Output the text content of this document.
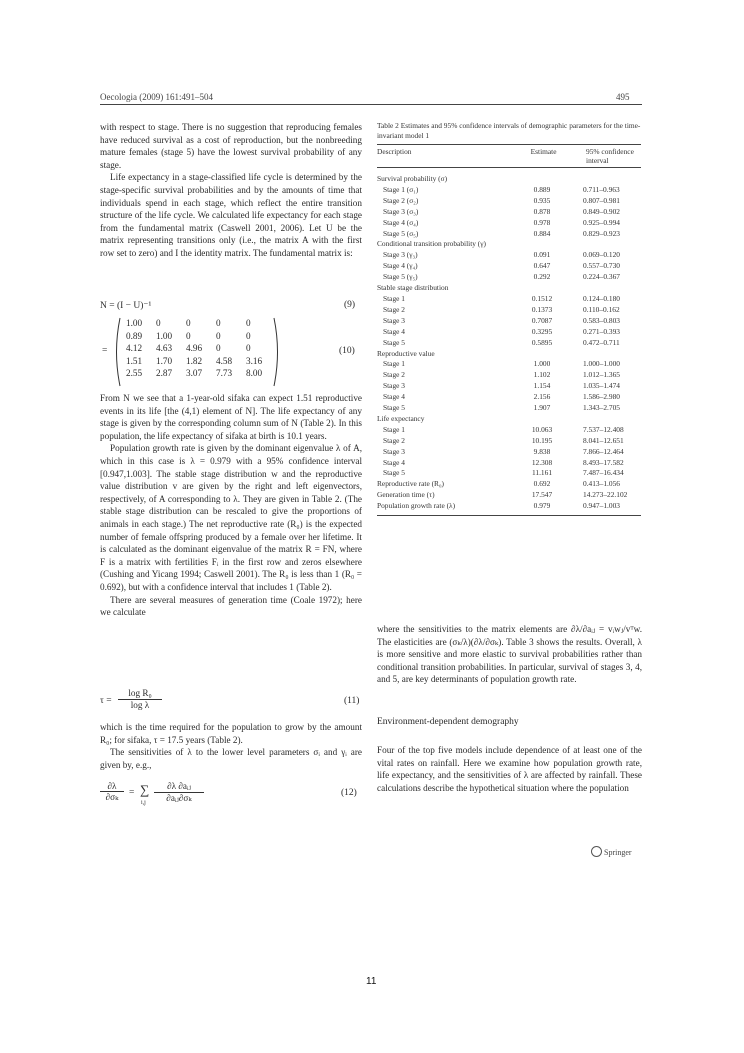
Oecologia (2009) 161:491–504	495

with respect to stage. There is no suggestion that reproducing females have reduced survival as a cost of reproduction, but the nonbreeding mature females (stage 5) have the lowest survival probability of any stage.

Life expectancy in a stage-classified life cycle is determined by the stage-specific survival probabilities and by the amounts of time that individuals spend in each stage, which reflect the entire transition structure of the life cycle. We calculated life expectancy for each stage from the fundamental matrix (Caswell 2001, 2006). Let U be the matrix representing transitions only (i.e., the matrix A with the first row set to zero) and I the identity matrix. The fundamental matrix is:

N = (I − U)⁻¹	(9)
=
1.00	0	0	0	0
0.89	1.00	0	0	0
4.12	4.63	4.96	0	0
1.51	1.70	1.82	4.58	3.16
2.55	2.87	3.07	7.73	8.00
(10)

From N we see that a 1-year-old sifaka can expect 1.51 reproductive events in its life [the (4,1) element of N]. The life expectancy of any stage is given by the corresponding column sum of N (Table 2). In this population, the life expectancy of sifaka at birth is 10.1 years.

Population growth rate is given by the dominant eigenvalue λ of A, which in this case is λ = 0.979 with a 95% confidence interval [0.947,1.003]. The stable stage distribution w and the reproductive value distribution v are given by the right and left eigenvectors, respectively, of A corresponding to λ. They are given in Table 2. (The stable stage distribution can be rescaled to give the proportions of animals in each stage.) The net reproductive rate (R₀) is the expected number of female offspring produced by a female over her lifetime. It is calculated as the dominant eigenvalue of the matrix R = FN, where F is a matrix with fertilities Fᵢ in the first row and zeros elsewhere (Cushing and Yicang 1994; Caswell 2001). The R₀ is less than 1 (R₀ = 0.692), but with a confidence interval that includes 1 (Table 2).

There are several measures of generation time (Coale 1972); here we calculate

$\tau = \frac{\text{log R₀}}{\text{log λ}}$	(11)

which is the time required for the population to grow by the amount R₀; for sifaka, τ = 17.5 years (Table 2).

The sensitivities of λ to the lower level parameters σᵢ and γᵢ are given by, e.g.,

$\frac{\partial\lambda}{\text{∂σₖ}}$ = ∑
i,j
∂λ ∂aᵢⱼ
∂aᵢⱼ∂σₖ	(12)
Table 2 Estimates and 95% confidence intervals of demographic parameters for the time-invariant model 1
Description	Estimate	95% confidence interval
Survival probability (σ)		
Stage 1 (σ₁)	0.889	0.711–0.963
Stage 2 (σ₂)	0.935	0.807–0.981
Stage 3 (σ₃)	0.878	0.849–0.902
Stage 4 (σ₄)	0.978	0.925–0.994
Stage 5 (σ₅)	0.884	0.829–0.923
Conditional transition probability (γ)		
Stage 3 (γ₃)	0.091	0.069–0.120
Stage 4 (γ₄)	0.647	0.557–0.730
Stage 5 (γ₅)	0.292	0.224–0.367
Stable stage distribution		
Stage 1	0.1512	0.124–0.180
Stage 2	0.1373	0.110–0.162
Stage 3	0.7087	0.583–0.803
Stage 4	0.3295	0.271–0.393
Stage 5	0.5895	0.472–0.711
Reproductive value		
Stage 1	1.000	1.000–1.000
Stage 2	1.102	1.012–1.365
Stage 3	1.154	1.035–1.474
Stage 4	2.156	1.586–2.980
Stage 5	1.907	1.343–2.705
Life expectancy		
Stage 1	10.063	7.537–12.408
Stage 2	10.195	8.041–12.651
Stage 3	9.838	7.866–12.464
Stage 4	12.308	8.493–17.582
Stage 5	11.161	7.487–16.434
Reproductive rate (R₀)	0.692	0.413–1.056
Generation time (τ)	17.547	14.273–22.102
Population growth rate (λ)	0.979	0.947–1.003
where the sensitivities to the matrix elements are ∂λ/∂aᵢⱼ = vᵢwⱼ/vᵀw. The elasticities are (σₖ/λ)(∂λ/∂σₖ). Table 3 shows the results. Overall, λ is more sensitive and more elastic to survival probabilities rather than conditional transition probabilities. In particular, survival of stages 3, 4, and 5, are key determinants of population growth rate.
Environment-dependent demography
Four of the top five models include dependence of at least one of the vital rates on rainfall. Here we examine how population growth rate, life expectancy, and the sensitivities of λ are affected by rainfall. These calculations describe the hypothetical situation where the population
Springer
11
